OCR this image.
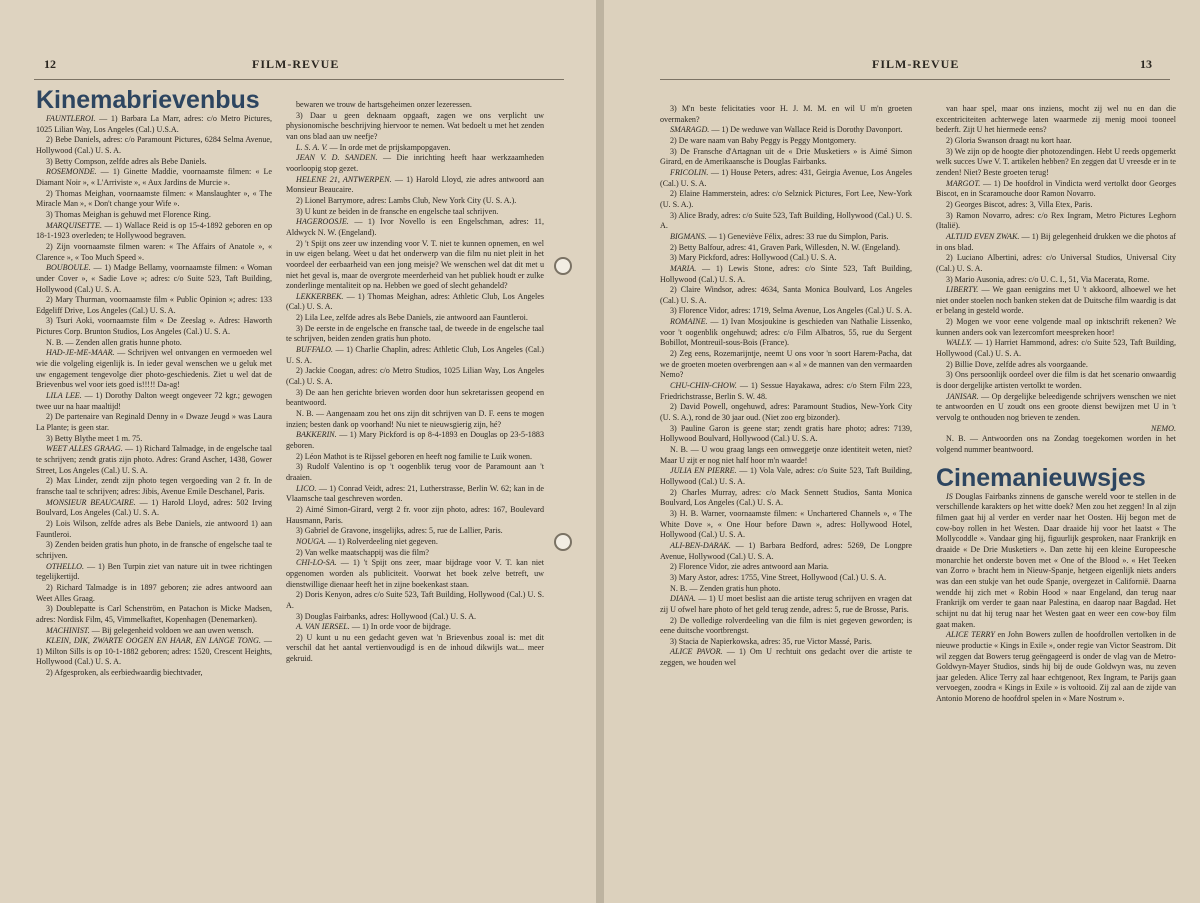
12	FILM-REVUE

Kinemabrievenbus

FAUNTLEROI. — 1) Barbara La Marr, adres: c/o Metro Pictures, 1025 Lilian Way, Los Angeles (Cal.) U.S.A.

2) Bebe Daniels, adres: c/o Paramount Pictures, 6284 Selma Avenue, Hollywood (Cal.) U. S. A.

3) Betty Compson, zelfde adres als Bebe Daniels.

ROSEMONDE. — 1) Ginette Maddie, voornaamste filmen: « Le Diamant Noir », « L'Arriviste », « Aux Jardins de Murcie ».

2) Thomas Meighan, voornaamste filmen: « Manslaughter », « The Miracle Man », « Don't change your Wife ».

3) Thomas Meighan is gehuwd met Florence Ring.

MARQUISETTE. — 1) Wallace Reid is op 15-4-1892 geboren en op 18-1-1923 overleden; te Hollywood begraven.

2) Zijn voornaamste filmen waren: « The Affairs of Anatole », « Clarence », « Too Much Speed ».

BOUBOULE. — 1) Madge Bellamy, voornaamste filmen: « Woman under Cover », « Sadie Love »; adres: c/o Suite 523, Taft Building, Hollywood (Cal.) U. S. A.

2) Mary Thurman, voornaamste film « Public Opinion »; adres: 133 Edgeliff Drive, Los Angeles (Cal.) U. S. A.

3) Tsuri Aoki, voornaamste film « De Zeeslag ». Adres: Haworth Pictures Corp. Brunton Studios, Los Angeles (Cal.) U. S. A.

N. B. — Zenden allen gratis hunne photo.

HAD-JE-ME-MAAR. — Schrijven wel ontvangen en vermoeden wel wie die volgeling eigenlijk is. In ieder geval wenschen we u geluk met uw engagement tengevolge dier photo-geschiedenis. Ziet u wel dat de Brievenbus wel voor iets goed is!!!!! Da-ag!

LILA LEE. — 1) Dorothy Dalton weegt ongeveer 72 kgr.; gewogen twee uur na haar maaltijd!

2) De partenaire van Reginald Denny in « Dwaze Jeugd » was Laura La Plante; is geen star.

3) Betty Blythe meet 1 m. 75.

WEET ALLES GRAAG. — 1) Richard Talmadge, in de engelsche taal te schrijven; zendt gratis zijn photo. Adres: Grand Ascher, 1438, Gower Street, Los Angeles (Cal.) U. S. A.

2) Max Linder, zendt zijn photo tegen vergoeding van 2 fr. In de fransche taal te schrijven; adres: Jibis, Avenue Emile Deschanel, Paris.

MONSIEUR BEAUCAIRE. — 1) Harold Lloyd, adres: 502 Irving Boulvard, Los Angeles (Cal.) U. S. A.

2) Lois Wilson, zelfde adres als Bebe Daniels, zie antwoord 1) aan Fauntleroi.

3) Zenden beiden gratis hun photo, in de fransche of engelsche taal te schrijven.

OTHELLO. — 1) Ben Turpin ziet van nature uit in twee richtingen tegelijkertijd.

2) Richard Talmadge is in 1897 geboren; zie adres antwoord aan Weet Alles Graag.

3) Doublepatte is Carl Schenström, en Patachon is Micke Madsen, adres: Nordisk Film, 45, Vimmelkaftet, Kopenhagen (Denemarken).

MACHINIST. — Bij gelegenheid voldoen we aan uwen wensch.

KLEIN, DIK, ZWARTE OOGEN EN HAAR, EN LANGE TONG. — 1) Milton Sills is op 10-1-1882 geboren; adres: 1520, Crescent Heights, Hollywood (Cal.) U. S. A.

2) Afgesproken, als eerbiedwaardig biechtvader,

bewaren we trouw de hartsgeheimen onzer lezeressen.

3) Daar u geen deknaam opgaaft, zagen we ons verplicht uw physionomische beschrijving hiervoor te nemen. Wat bedoelt u met het zenden van ons blad aan uw neefje?

L. S. A. V. — In orde met de prijskampopgaven.

JEAN V. D. SANDEN. — Die inrichting heeft haar werkzaamheden voorloopig stop gezet.

HELENE 21, ANTWERPEN. — 1) Harold Lloyd, zie adres antwoord aan Monsieur Beaucaire.

2) Lionel Barrymore, adres: Lambs Club, New York City (U. S. A.).

3) U kunt ze beiden in de fransche en engelsche taal schrijven.

HAGEROOSJE. — 1) Ivor Novello is een Engelschman, adres: 11, Aldwyck N. W. (Engeland).

2) 't Spijt ons zeer uw inzending voor V. T. niet te kunnen opnemen, en wel in uw eigen belang. Weet u dat het onderwerp van die film nu niet pleit in het voordeel der eerbaarheid van een jong meisje? We wenschen wel dat dit met u niet het geval is, maar de overgrote meerderheid van het publiek houdt er zulke zonderlinge mentaliteit op na. Hebben we goed of slecht gehandeld?

LEKKERBEK. — 1) Thomas Meighan, adres: Athletic Club, Los Angeles (Cal.) U. S. A.

2) Lila Lee, zelfde adres als Bebe Daniels, zie antwoord aan Fauntleroi.

3) De eerste in de engelsche en fransche taal, de tweede in de engelsche taal te schrijven, beiden zenden gratis hun photo.

BUFFALO. — 1) Charlie Chaplin, adres: Athletic Club, Los Angeles (Cal.) U. S. A.

2) Jackie Coogan, adres: c/o Metro Studios, 1025 Lilian Way, Los Angeles (Cal.) U. S. A.

3) De aan hen gerichte brieven worden door hun sekretarissen geopend en beantwoord.

N. B. — Aangenaam zou het ons zijn dit schrijven van D. F. eens te mogen inzien; besten dank op voorhand! Nu niet te nieuwsgierig zijn, hé?

BAKKERIN. — 1) Mary Pickford is op 8-4-1893 en Douglas op 23-5-1883 geboren.

2) Léon Mathot is te Rijssel geboren en heeft nog familie te Luik wonen.

3) Rudolf Valentino is op 't oogenblik terug voor de Paramount aan 't draaien.

LICO. — 1) Conrad Veidt, adres: 21, Lutherstrasse, Berlin W. 62; kan in de Vlaamsche taal geschreven worden.

2) Aimé Simon-Girard, vergt 2 fr. voor zijn photo, adres: 167, Boulevard Hausmann, Paris.

3) Gabriel de Gravone, insgelijks, adres: 5, rue de Lallier, Paris.

NOUGA. — 1) Rolverdeeling niet gegeven.

2) Van welke maatschappij was die film?

CHI-LO-SA. — 1) 't Spijt ons zeer, maar bijdrage voor V. T. kan niet opgenomen worden als publiciteit. Voorwat het boek zelve betreft, uw dienstwillige dienaar heeft het in zijne boekenkast staan.

2) Doris Kenyon, adres c/o Suite 523, Taft Building, Hollywood (Cal.) U. S. A.

3) Douglas Fairbanks, adres: Hollywood (Cal.) U. S. A.

A. VAN IERSEL. — 1) In orde voor de bijdrage.

2) U kunt u nu een gedacht geven wat 'n Brievenbus zooal is: met dit verschil dat het aantal vertienvoudigd is en de inhoud dikwijls wat... meer gekruid.

FILM-REVUE	13

3) M'n beste felicitaties voor H. J. M. M. en wil U m'n groeten overmaken?

SMARAGD. — 1) De weduwe van Wallace Reid is Dorothy Davonport.

2) De ware naam van Baby Peggy is Peggy Montgomery.

3) De Fransche d'Artagnan uit de « Drie Musketiers » is Aimé Simon Girard, en de Amerikaansche is Douglas Fairbanks.

FRICOLIN. — 1) House Peters, adres: 431, Geirgia Avenue, Los Angeles (Cal.) U. S. A.

2) Elaine Hammerstein, adres: c/o Selznick Pictures, Fort Lee, New-York (U. S. A.).

3) Alice Brady, adres: c/o Suite 523, Taft Building, Hollywood (Cal.) U. S. A.

BIGMANS. — 1) Geneviève Félix, adres: 33 rue du Simplon, Paris.

2) Betty Balfour, adres: 41, Graven Park, Willesden, N. W. (Engeland).

3) Mary Pickford, adres: Hollywood (Cal.) U. S. A.

MARIA. — 1) Lewis Stone, adres: c/o Sinte 523, Taft Building, Hollywood (Cal.) U. S. A.

2) Claire Windsor, adres: 4634, Santa Monica Boulvard, Los Angeles (Cal.) U. S. A.

3) Florence Vidor, adres: 1719, Selma Avenue, Los Angeles (Cal.) U. S. A.

ROMAINE. — 1) Ivan Mosjoukine is geschieden van Nathalie Lissenko, voor 't oogenblik ongehuwd; adres: c/o Film Albatros, 55, rue du Sergent Bobillot, Montreuil-sous-Bois (France).

2) Zeg eens, Rozemarijntje, neemt U ons voor 'n soort Harem-Pacha, dat we de groeten moeten overbrengen aan « al » de mannen van den vermaarden Nemo?

CHU-CHIN-CHOW. — 1) Sessue Hayakawa, adres: c/o Stern Film 223, Friedrichstrasse, Berlin S. W. 48.

2) David Powell, ongehuwd, adres: Paramount Studios, New-York City (U. S. A.), rond de 30 jaar oud. (Niet zoo erg bizonder).

3) Pauline Garon is geene star; zendt gratis hare photo; adres: 7139, Hollywood Boulvard, Hollywood (Cal.) U. S. A.

N. B. — U wou graag langs een omweggetje onze identiteit weten, niet? Maar U zijt er nog niet half hoor m'n waarde!

JULIA EN PIERRE. — 1) Vola Vale, adres: c/o Suite 523, Taft Building, Hollywood (Cal.) U. S. A.

2) Charles Murray, adres: c/o Mack Sennett Studios, Santa Monica Boulvard, Los Angeles (Cal.) U. S. A.

3) H. B. Warner, voornaamste filmen: « Unchartered Channels », « The White Dove », « One Hour before Dawn », adres: Hollywood Hotel, Hollywood (Cal.) U. S. A.

ALI-BEN-DARAK. — 1) Barbara Bedford, adres: 5269, De Longpre Avenue, Hollywood (Cal.) U. S. A.

2) Florence Vidor, zie adres antwoord aan Maria.

3) Mary Astor, adres: 1755, Vine Street, Hollywood (Cal.) U. S. A.

N. B. — Zenden gratis hun photo.

DIANA. — 1) U moet beslist aan die artiste terug schrijven en vragen dat zij U ofwel hare photo of het geld terug zende, adres: 5, rue de Brosse, Paris.

2) De volledige rolverdeeling van die film is niet gegeven geworden; is eene duitsche voortbrengst.

3) Stacia de Napierkowska, adres: 35, rue Victor Massé, Paris.

ALICE PAVOR. — 1) Om U rechtuit ons gedacht over die artiste te zeggen, we houden wel

van haar spel, maar ons inziens, mocht zij wel nu en dan die excentriciteiten achterwege laten waarmede zij menig mooi tooneel bederft. Zijt U het hiermede eens?

2) Gloria Swanson draagt nu kort haar.

3) We zijn op de hoogte dier photozendingen. Hebt U reeds opgemerkt welk succes Uwe V. T. artikelen hebben? En zeggen dat U vreesde er in te zenden! Niet? Beste groeten terug!

MARGOT. — 1) De hoofdrol in Vindicta werd vertolkt door Georges Biscot, en in Scaramouche door Ramon Novarro.

2) Georges Biscot, adres: 3, Villa Etex, Paris.

3) Ramon Novarro, adres: c/o Rex Ingram, Metro Pictures Leghorn (Italië).

ALTIJD EVEN ZWAK. — 1) Bij gelegenheid drukken we die photos af in ons blad.

2) Luciano Albertini, adres: c/o Universal Studios, Universal City (Cal.) U. S. A.

3) Mario Ausonia, adres: c/o U. C. I., 51, Via Macerata, Rome.

LIBERTY. — We gaan eenigzins met U 't akkoord, alhoewel we het niet onder stoelen noch banken steken dat de Duitsche film waardig is dat er belang in gesteld worde.

2) Mogen we voor eene volgende maal op inktschrift rekenen? We kunnen anders ook van lezercomfort meespreken hoor!

WALLY. — 1) Harriet Hammond, adres: c/o Suite 523, Taft Building, Hollywood (Cal.) U. S. A.

2) Billie Dove, zelfde adres als voorgaande.

3) Ons persoonlijk oordeel over die film is dat het scenario onwaardig is door dergelijke artisten vertolkt te worden.

JANISAR. — Op dergelijke beleedigende schrijvers wenschen we niet te antwoorden en U zoudt ons een groote dienst bewijzen met U in 't vervolg te onthouden nog brieven te zenden.

NEMO.

N. B. — Antwoorden ons na Zondag toegekomen worden in het volgend nummer beantwoord.

Cinemanieuwsjes

IS Douglas Fairbanks zinnens de gansche wereld voor te stellen in de verschillende karakters op het witte doek? Men zou het zeggen! In al zijn filmen gaat hij al verder en verder naar het Oosten. Hij begon met de cow-boy rollen in het Westen. Daar draaide hij voor het laatst « The Mollycoddle ». Vandaar ging hij, figuurlijk gesproken, naar Frankrijk en draaide « De Drie Musketiers ». Dan zette hij een kleine Europeesche monarchie het onderste boven met « One of the Blood ». « Het Teeken van Zorro » bracht hem in Nieuw-Spanje, hetgeen eigenlijk niets anders was dan een stukje van het oude Spanje, overgezet in Californië. Daarna wendde hij zich met « Robin Hood » naar Engeland, dan terug naar Frankrijk om verder te gaan naar Palestina, en daarop naar Bagdad. Het schijnt nu dat hij terug naar het Westen gaat en weer een cow-boy film gaat maken.

ALICE TERRY en John Bowers zullen de hoofdrollen vertolken in de nieuwe productie « Kings in Exile », onder regie van Victor Seastrom. Dit wil zeggen dat Bowers terug geëngageerd is onder de vlag van de Metro-Goldwyn-Mayer Studios, sinds hij bij de oude Goldwyn was, nu zeven jaar geleden. Alice Terry zal haar echtgenoot, Rex Ingram, te Parijs gaan vervoegen, zoodra « Kings in Exile » is voltooid. Zij zal aan de zijde van Antonio Moreno de hoofdrol spelen in « Mare Nostrum ».
